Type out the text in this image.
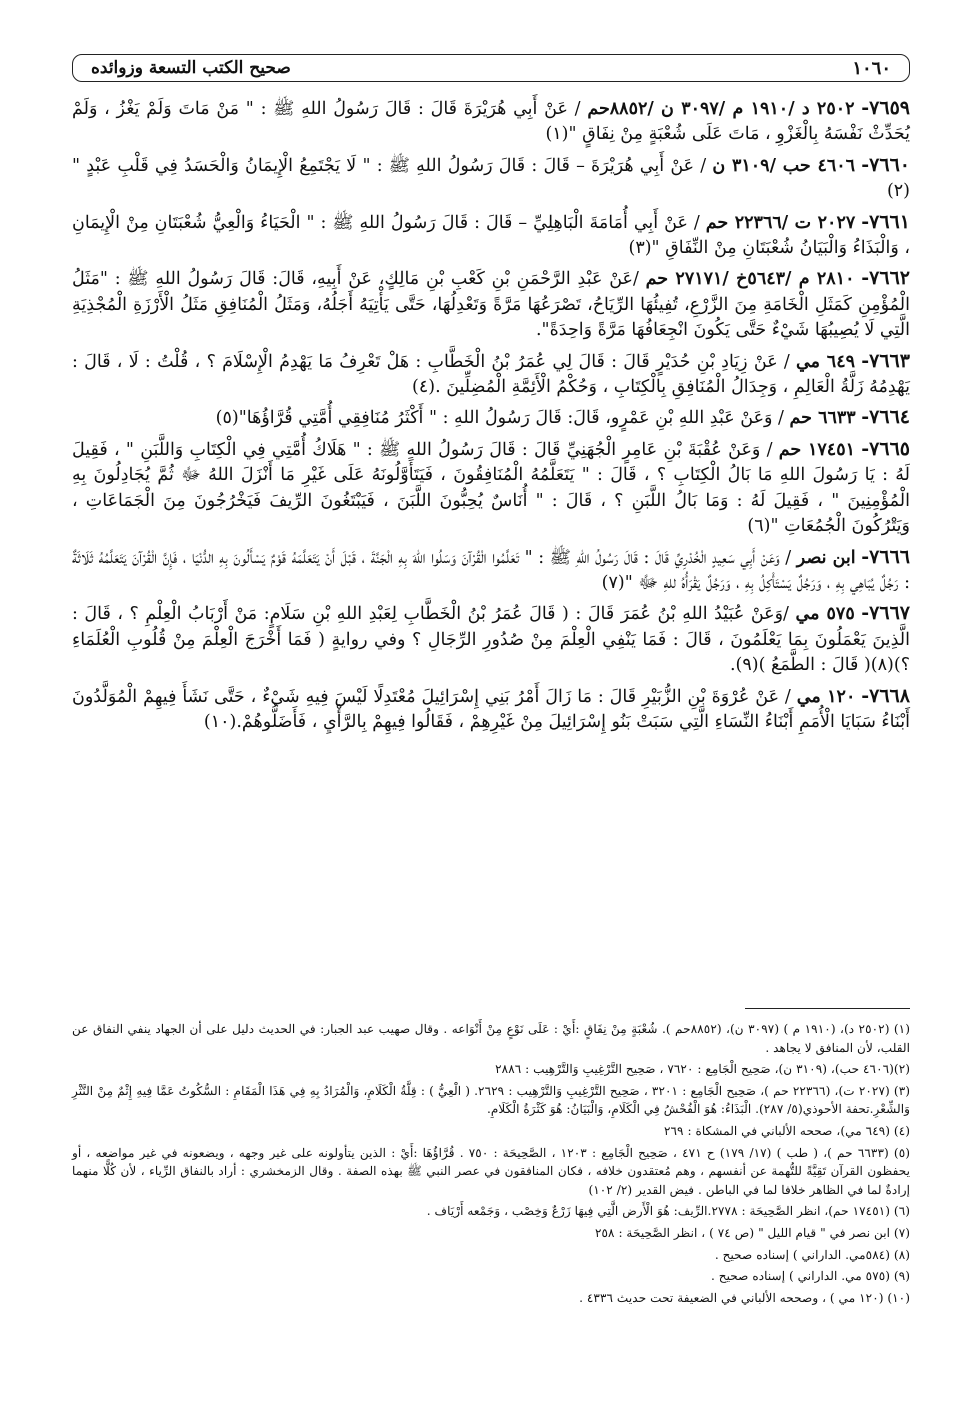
١٠٦٠
صحيح الكتب التسعة وزوائده

٧٦٥٩- ٢٥٠٢ د /١٩١٠ م /٣٠٩٧ ن /٨٨٥٢حم / عَنْ أَبِي هُرَيْرَةَ قَالَ : قَالَ رَسُولُ اللهِ ﷺ : " مَنْ مَاتَ وَلَمْ يَغْزُ ، وَلَمْ يُحَدِّثْ نَفْسَهُ بِالْغَزْوِ ، مَاتَ عَلَى شُعْبَةٍ مِنْ نِفَاقٍ "(١)

٧٦٦٠- ٤٦٠٦ حب /٣١٠٩ ن / عَنْ أَبِي هُرَيْرَةَ – قَالَ : قَالَ رَسُولُ اللهِ ﷺ : " لَا يَجْتَمِعُ الْإِيمَانُ وَالْحَسَدُ فِي قَلْبِ عَبْدٍ "(٢)

٧٦٦١- ٢٠٢٧ ت /٢٢٣٦٦ حم / عَنْ أَبِي أُمَامَةَ الْبَاهِلِيِّ – قَالَ : قَالَ رَسُولُ اللهِ ﷺ : " الْحَيَاءُ وَالْعِيُّ شُعْبَتَانِ مِنْ الْإِيمَانِ ، وَالْبَذَاءُ وَالْبَيَانُ شُعْبَتَانِ مِنْ النِّفَاقِ "(٣)

٧٦٦٢- ٢٨١٠ م /٥٦٤٣خ /٢٧١٧١ حم /عَنْ عَبْدِ الرَّحْمَنِ بْنِ كَعْبِ بْنِ مَالِكٍ، عَنْ أَبِيهِ، قَالَ: قَالَ رَسُولُ اللهِ ﷺ : "مَثَلُ الْمُؤْمِنِ كَمَثَلِ الْخَامَةِ مِنَ الزَّرْعِ، تُفِيئُهَا الرِّيَاحُ، تَصْرَعُهَا مَرَّةً وَتَعْدِلُهَا، حَتَّى يَأْتِيَهُ أَجَلُهُ، وَمَثَلُ الْمُنَافِقِ مَثَلُ الْأَرْزَةِ الْمُجْذِيَةِ الَّتِي لَا يُصِيبُهَا شَيْءٌ حَتَّى يَكُونَ انْجِعَافُهَا مَرَّةً وَاحِدَةً".

٧٦٦٣- ٦٤٩ مي / عَنْ زِيَادِ بْنِ حُدَيْرٍ قَالَ : قَالَ لِي عُمَرُ بْنُ الْخَطَّابِ : هَلْ تَعْرِفُ مَا يَهْدِمُ الْإِسْلَامَ ؟ ، قُلْتُ : لَا ، قَالَ : يَهْدِمُهُ زَلَّةُ الْعَالِمِ ، وَجِدَالُ الْمُنَافِقِ بِالْكِتَابِ ، وَحُكْمُ الْأَئِمَّةِ الْمُضِلِّينَ .(٤)

٧٦٦٤- ٦٦٣٣ حم / وَعَنْ عَبْدِ اللهِ بْنِ عَمْرٍو، قَالَ: قَالَ رَسُولُ اللهِ : " أَكْثَرُ مُنَافِقِي أُمَّتِي قُرَّاؤُهَا"(٥)

٧٦٦٥- ١٧٤٥١ حم / وَعَنْ عُقْبَةَ بْنِ عَامِرٍ الْجُهَنِيِّ قَالَ : قَالَ رَسُولُ اللهِ ﷺ : " هَلَاكُ أُمَّتِي فِي الْكِتَابِ وَاللَّبَنِ " ، فَقِيلَ لَهُ : يَا رَسُولَ اللهِ مَا بَالُ الْكِتَابِ ؟ ، قَالَ : " يَتَعَلَّمُهُ الْمُنَافِقُونَ ، فَيَتَأَوَّلُونَهُ عَلَى غَيْرِ مَا أَنْزَلَ اللهُ ﷻ ثُمَّ يُجَادِلُونَ بِهِ الْمُؤْمِنِينَ " ، فَقِيلَ لَهُ : وَمَا بَالُ اللَّبَنِ ؟ ، قَالَ : " أُنَاسٌ يُحِبُّونَ اللَّبَنَ ، فَيَبْتَغُونَ الرِّيفَ فَيَخْرُجُونَ مِنَ الْجَمَاعَاتِ ، وَيَتْرُكُونَ الْجُمُعَاتِ "(٦)

٧٦٦٦- ابن نصر / وَعَنْ أَبِي سَعِيدٍ الْخُدْرِيِّ قَالَ : قَالَ رَسُولُ اللهِ ﷺ : " تَعَلَّمُوا الْقُرْآنَ وَسَلُوا اللهَ بِهِ الْجَنَّةَ ، قَبْلَ أَنْ يَتَعَلَّمَهُ قَوْمٌ يَسْأَلُونَ بِهِ الدُّنْيَا ، فَإِنَّ الْقُرْآنَ يَتَعَلَّمُهُ ثَلَاثَةٌ : رَجُلٌ يُبَاهِي بِهِ ، وَرَجُلٌ يَسْتَأْكِلُ بِهِ ، وَرَجُلٌ يَقْرَأُهُ للهِ ﷻ "(٧)

٧٦٦٧- ٥٧٥ مي /وَعَنْ عُبَيْدُ اللهِ بْنُ عُمَرَ قَالَ : ( قَالَ عُمَرُ بْنُ الْخَطَّابِ لِعَبْدِ اللهِ بْنِ سَلَامٍ: مَنْ أَرْبَابُ الْعِلْمِ ؟ ، قَالَ : الَّذِينَ يَعْمَلُونَ بِمَا يَعْلَمُونَ ، قَالَ : فَمَا يَنْفِي الْعِلْمَ مِنْ صُدُورِ الرِّجَالِ ؟ وفي روايةٍ ( فَمَا أَخْرَجَ الْعِلْمَ مِنْ قُلُوبِ الْعُلَمَاءِ ؟)(٨)( قَالَ : الطَّمَعُ )(٩).

٧٦٦٨- ١٢٠ مي / عَنْ عُرْوَةَ بْنِ الزُّبَيْرِ قَالَ : مَا زَالَ أَمْرُ بَنِي إِسْرَائِيلَ مُعْتَدِلًا لَيْسَ فِيهِ شَيْءٌ ، حَتَّى نَشَأَ فِيهِمْ الْمُوَلَّدُونَ أَبْنَاءُ سَبَايَا الْأُمَمِ أَبْنَاءُ النِّسَاءِ الَّتِي سَبَتْ بَنُو إِسْرَائِيلَ مِنْ غَيْرِهِمْ ، فَقَالُوا فِيهِمْ بِالرَّأْيِ ، فَأَضَلُّوهُمْ.(١٠)

(١) (٢٥٠٢ د)، (١٩١٠ م ) (٣٠٩٧ ن)، (٨٨٥٢حم ). شُعْبَةٍ مِنْ نِفَاقٍ :أَيْ : عَلَى نَوْعٍ مِنْ أَنْوَاعه . وقال صهيب عبد الجبار: في الحديث دليل على أن الجهاد ينفي النفاق عن القلب، لأن المنافق لا يجاهد .

(٢)(٤٦٠٦ حب)، (٣١٠٩ ن)، صَحِيح الْجَامِع : ٧٦٢٠ ، صَحِيح التَّرْغِيبِ وَالتَّرْهِيب : ٢٨٨٦

(٣) (٢٠٢٧ ت)، (٢٢٣٦٦ حم )، صَحِيح الْجَامِع : ٣٢٠١ ، صَحِيح التَّرْغِيبِ وَالتَّرْهِيب : ٢٦٢٩. ( الْعِيُّ ) : قِلَّةُ الْكَلَامِ، وَالْمُرَادُ بِهِ فِي هَذَا الْمَقَامِ : السُّكُوتُ عَمَّا فِيهِ إِثْمٌ مِنْ النَّثْرِ وَالشِّعْرِ.تحفة الأحوذي(٥/ ٢٨٧). الْبَذَاءُ: هُوَ الْفُحْشُ فِي الْكَلَامِ، وَالْبَيَانُ: هُوَ كَثْرَةُ الْكَلَامِ.

(٤) (٦٤٩ مي)، صححه الألباني في المشكاة : ٢٦٩

(٥) (٦٦٣٣ حم )، ( طب ) (١٧/ ١٧٩) ح ٤٧١ ، صَحِيح الْجَامِع : ١٢٠٣ ، الصَّحِيحَة : ٧٥٠ . قُرَّاؤُهَا :أَيْ : الذين يتأولونه على غير وجهه ، ويضعونه في غير مواضعه ، أو يحفظون القرآن تَقِيَّةً للتُّهمة عن أنفسهم ، وهم مُعتقدون خلافه ، فكان المنافقون في عصر النبي ﷺ بهذه الصفة . وقال الزمخشري : أراد بالنفاق الرِّياء ، لأن كُلًّا منهما إرادةٌ لما في الظاهر خلافا لما في الباطن . فيض القدير (٢/ ١٠٢)

(٦) (١٧٤٥١ حم)، انظر الصَّحِيحَة : ٢٧٧٨.الرِّيف: هُوَ الْأَرض الَّتِي فِيهَا زَرْعٌ وَخِصْب ، وَجَمْعه أَرْيَاف .

(٧) ابن نصر في " قيام الليل " (ص ٧٤ ) ، انظر الصَّحِيحَة : ٢٥٨

(٨) (٥٨٤مي. الداراني ) إسناده صحيح .

(٩) (٥٧٥ مي. الداراني ) إسناده صحيح .

(١٠) (١٢٠ مي ) ، وصححه الألباني في الضعيفة تحت حديث ٤٣٣٦ .
